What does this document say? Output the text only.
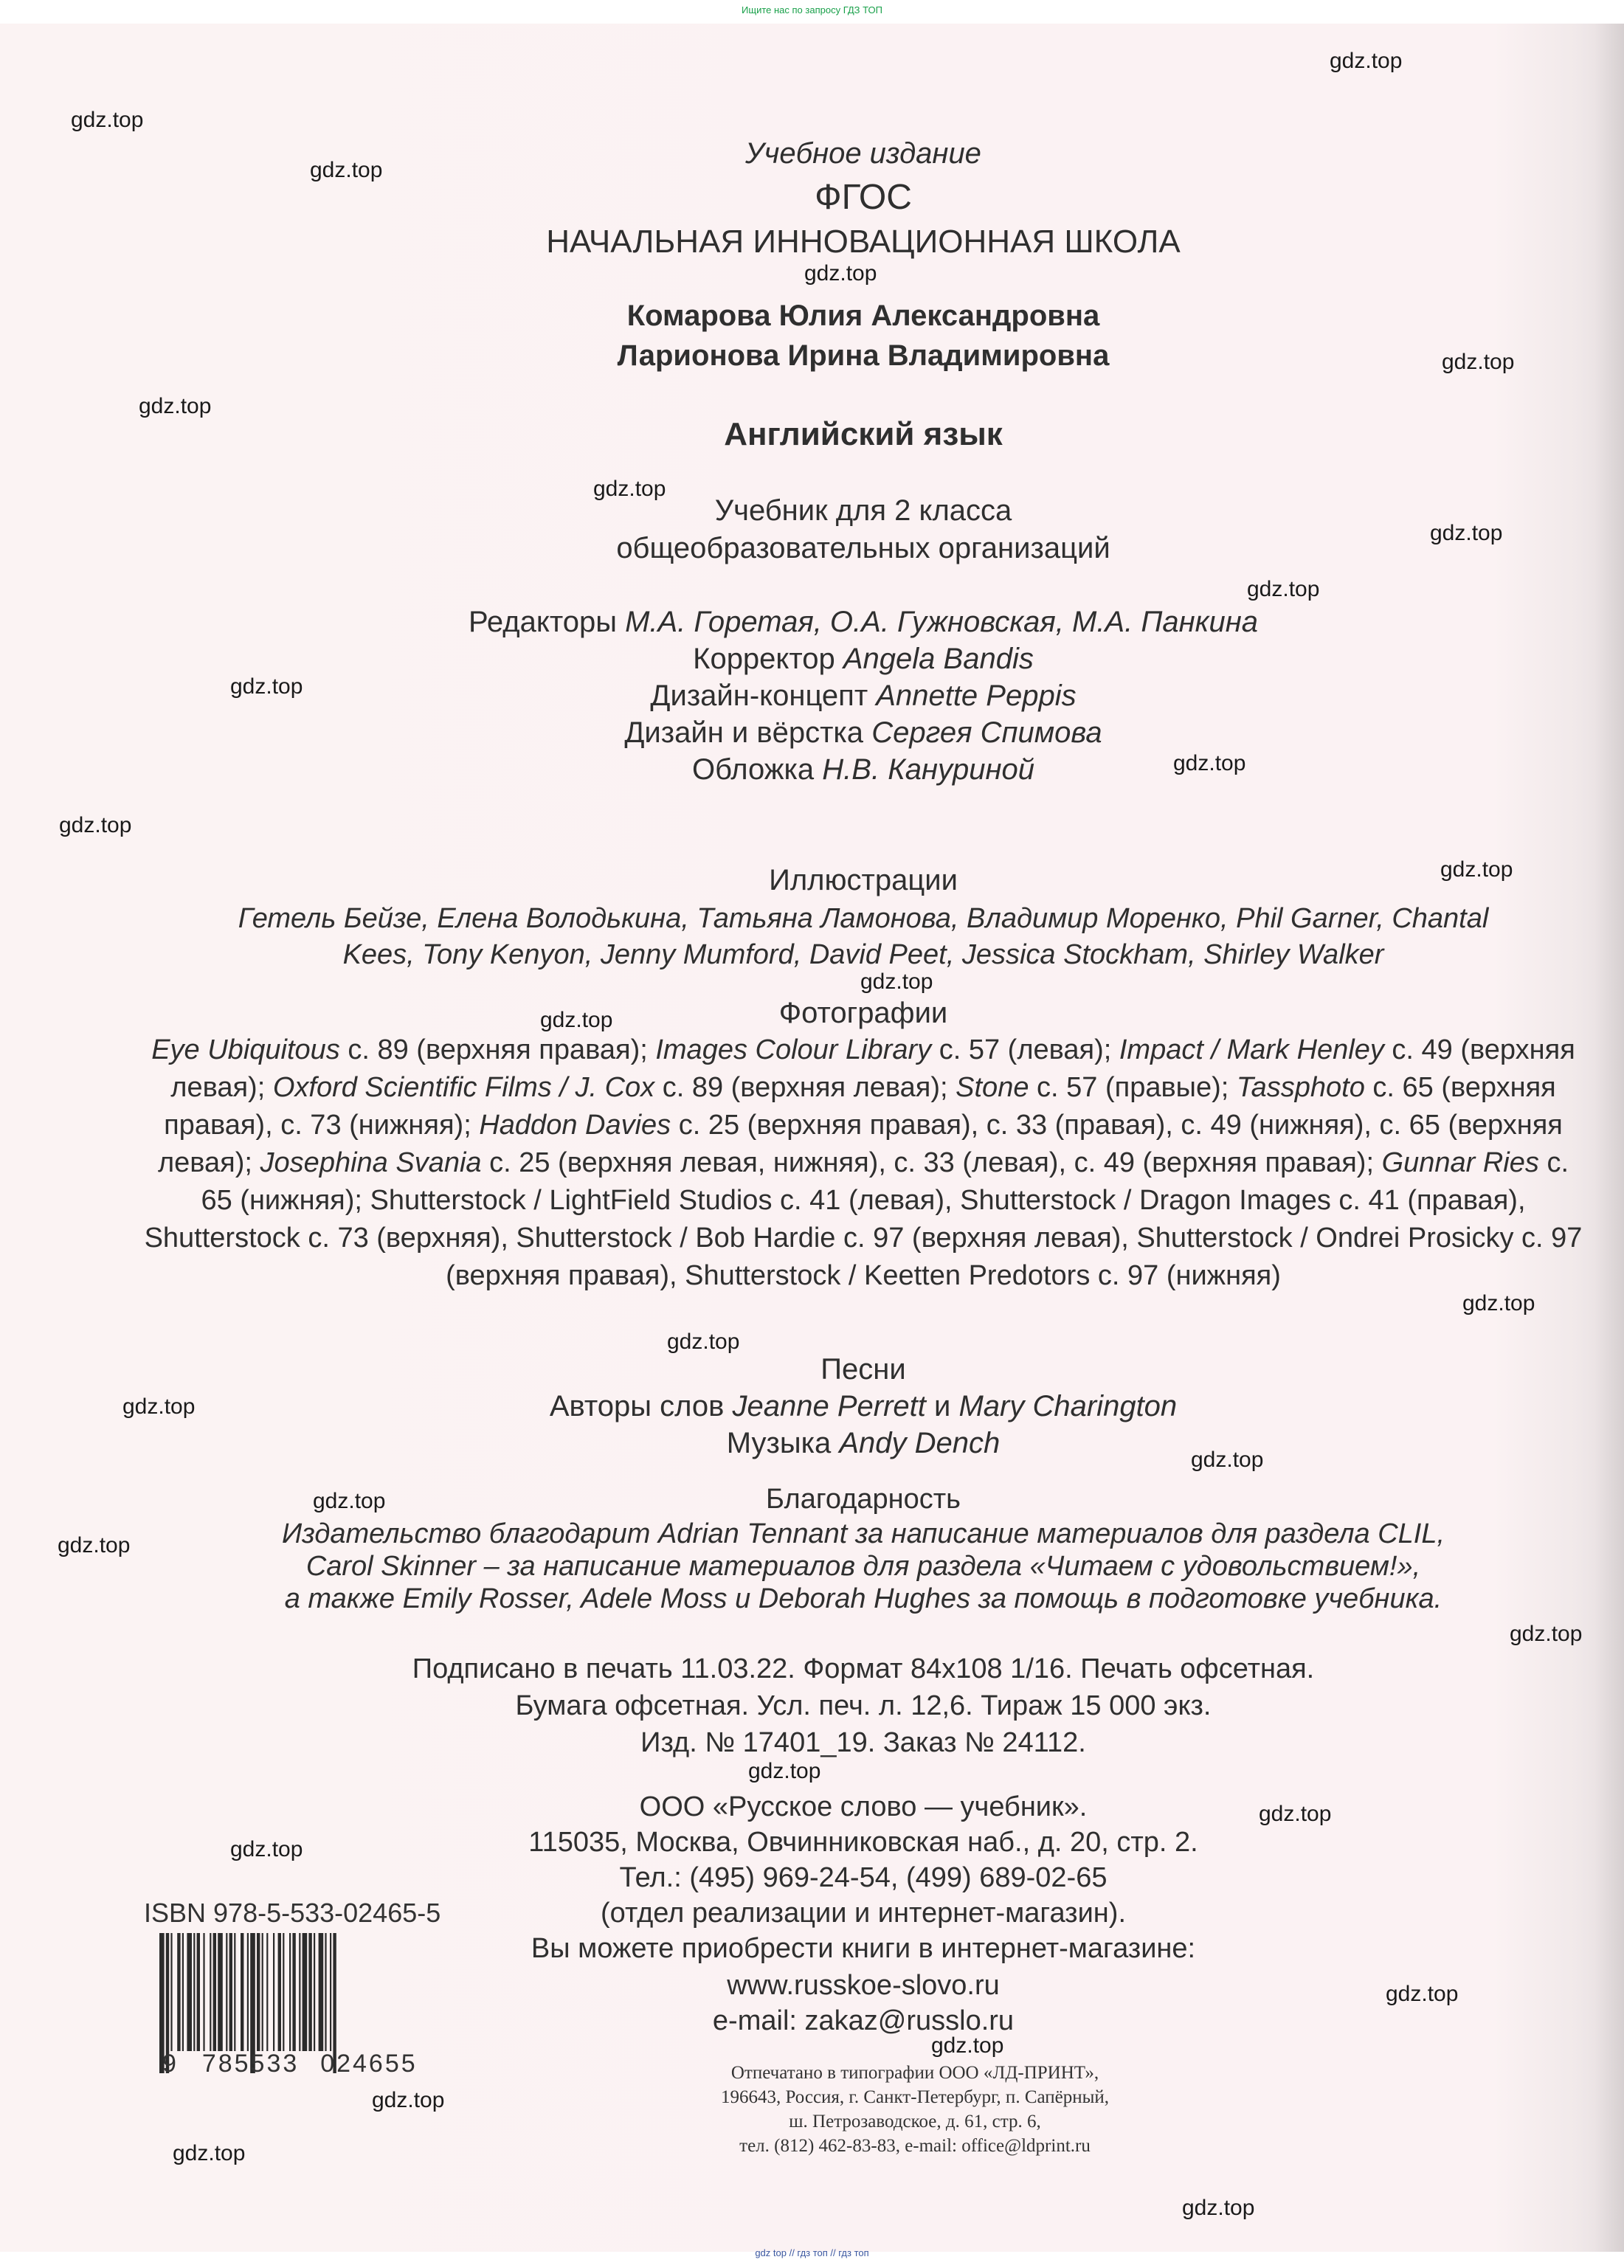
Ищите нас по запросу ГДЗ ТОП
Учебное издание
ФГОС
НАЧАЛЬНАЯ ИННОВАЦИОННАЯ ШКОЛА
Комарова Юлия Александровна
Ларионова Ирина Владимировна
Английский язык
Учебник для 2 класса
общеобразовательных организаций
Редакторы М.А. Горетая, О.А. Гужновская, М.А. Панкина
Корректор Angela Bandis
Дизайн-концепт Annette Peppis
Дизайн и вёрстка Сергея Спимова
Обложка Н.В. Кануриной
Иллюстрации
Гетель Бейзе, Елена Володькина, Татьяна Ламонова, Владимир Моренко, Phil Garner, Chantal
Kees, Tony Kenyon, Jenny Mumford, David Peet, Jessica Stockham, Shirley Walker
Фотографии
Eye Ubiquitous с. 89 (верхняя правая); Images Colour Library с. 57 (левая); Impact / Mark Henley с. 49 (верхняя левая); Oxford Scientific Films / J. Cox с. 89 (верхняя левая); Stone с. 57 (правые); Tassphoto с. 65 (верхняя правая), с. 73 (нижняя); Haddon Davies с. 25 (верхняя правая), с. 33 (правая), с. 49 (нижняя), с. 65 (верхняя левая); Josephina Svania с. 25 (верхняя левая, нижняя), с. 33 (левая), с. 49 (верхняя правая); Gunnar Ries с. 65 (нижняя); Shutterstock / LightField Studios с. 41 (левая), Shutterstock / Dragon Images с. 41 (правая), Shutterstock с. 73 (верхняя), Shutterstock / Bob Hardie с. 97 (верхняя левая), Shutterstock / Ondrei Prosicky с. 97 (верхняя правая), Shutterstock / Keetten Predotors с. 97 (нижняя)
Песни
Авторы слов Jeanne Perrett и Mary Charington
Музыка Andy Dench
Благодарность
Издательство благодарит Adrian Tennant за написание материалов для раздела CLIL,
Carol Skinner – за написание материалов для раздела «Читаем с удовольствием!»,
а также Emily Rosser, Adele Moss и Deborah Hughes за помощь в подготовке учебника.
Подписано в печать 11.03.22. Формат 84х108 1/16. Печать офсетная.
Бумага офсетная. Усл. печ. л. 12,6. Тираж 15 000 экз.
Изд. № 17401_19. Заказ № 24112.
ООО «Русское слово — учебник».
115035, Москва, Овчинниковская наб., д. 20, стр. 2.
Тел.: (495) 969-24-54, (499) 689-02-65
(отдел реализации и интернет-магазин).
Вы можете приобрести книги в интернет-магазине:
www.russkoe-slovo.ru
e-mail: zakaz@russlo.ru
ISBN 978-5-533-02465-5
9 785533 024655	Отпечатано в типографии ООО «ЛД-ПРИНТ»,
196643, Россия, г. Санкт-Петербург, п. Сапёрный,
ш. Петрозаводское, д. 61, стр. 6,
тел. (812) 462-83-83, e-mail: office@ldprint.ru
gdz.top
gdz.top
gdz.top
gdz.top
gdz.top
gdz.top
gdz.top
gdz.top
gdz.top
gdz.top
gdz.top
gdz.top
gdz.top
gdz.top
gdz.top
gdz.top
gdz.top
gdz.top
gdz.top
gdz.top
gdz.top
gdz.top
gdz.top
gdz.top
gdz.top
gdz.top
gdz.top
gdz.top
gdz.top
gdz.top
gdz top // гдз топ // гдз топ
